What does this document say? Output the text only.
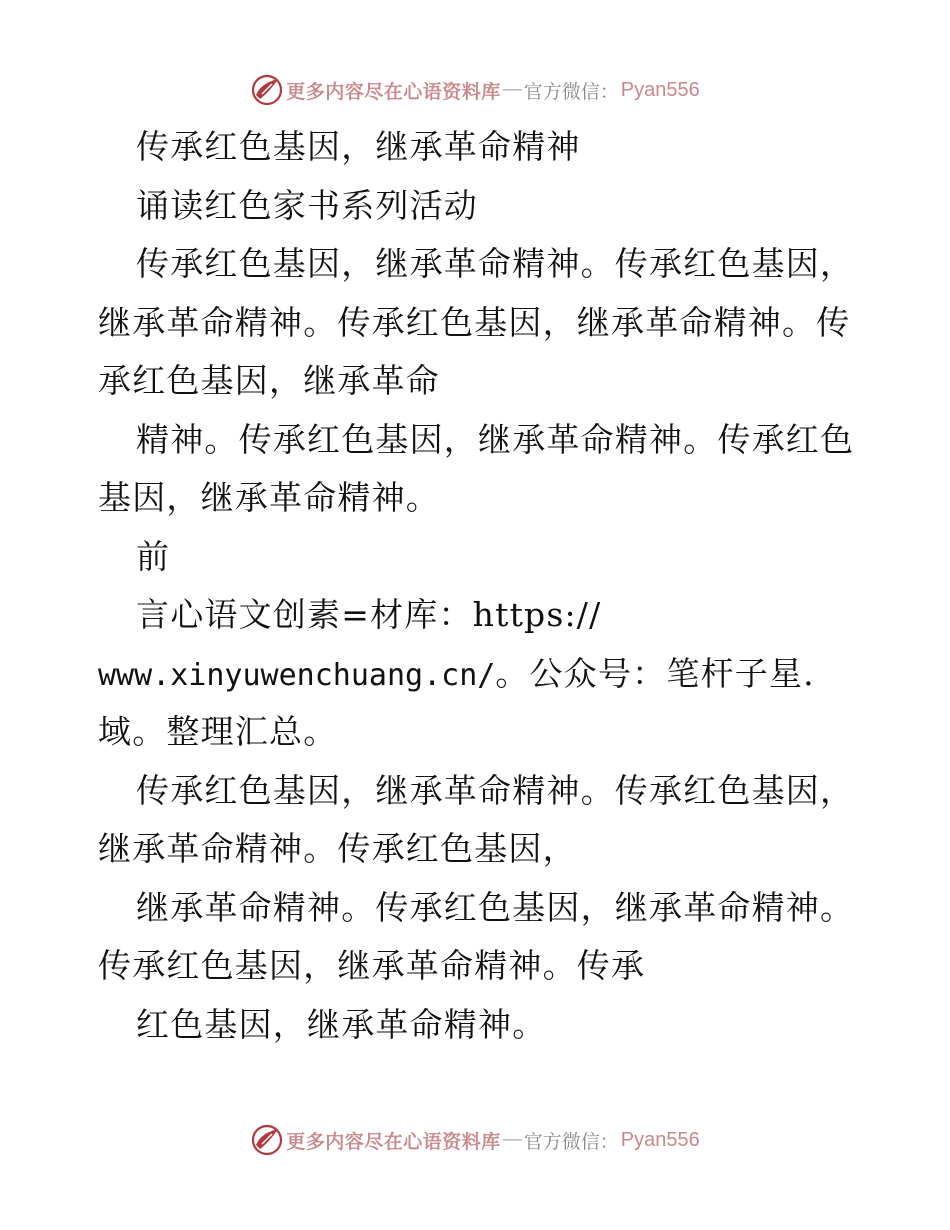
更多内容尽在心语资料库 — 官方微信： Pyan556
传承红色基因，继承革命精神
诵读红色家书系列活动
传承红色基因，继承革命精神。传承红色基因，
继承革命精神。传承红色基因，继承革命精神。传
承红色基因，继承革命
精神。传承红色基因，继承革命精神。传承红色
基因，继承革命精神。
前
言心语文创素=材库：https://
www.xinyuwenchuang.cn/。公众号：笔杆子星.
域。整理汇总。
传承红色基因，继承革命精神。传承红色基因，
继承革命精神。传承红色基因，
继承革命精神。传承红色基因，继承革命精神。
传承红色基因，继承革命精神。传承
红色基因，继承革命精神。
更多内容尽在心语资料库 — 官方微信： Pyan556
